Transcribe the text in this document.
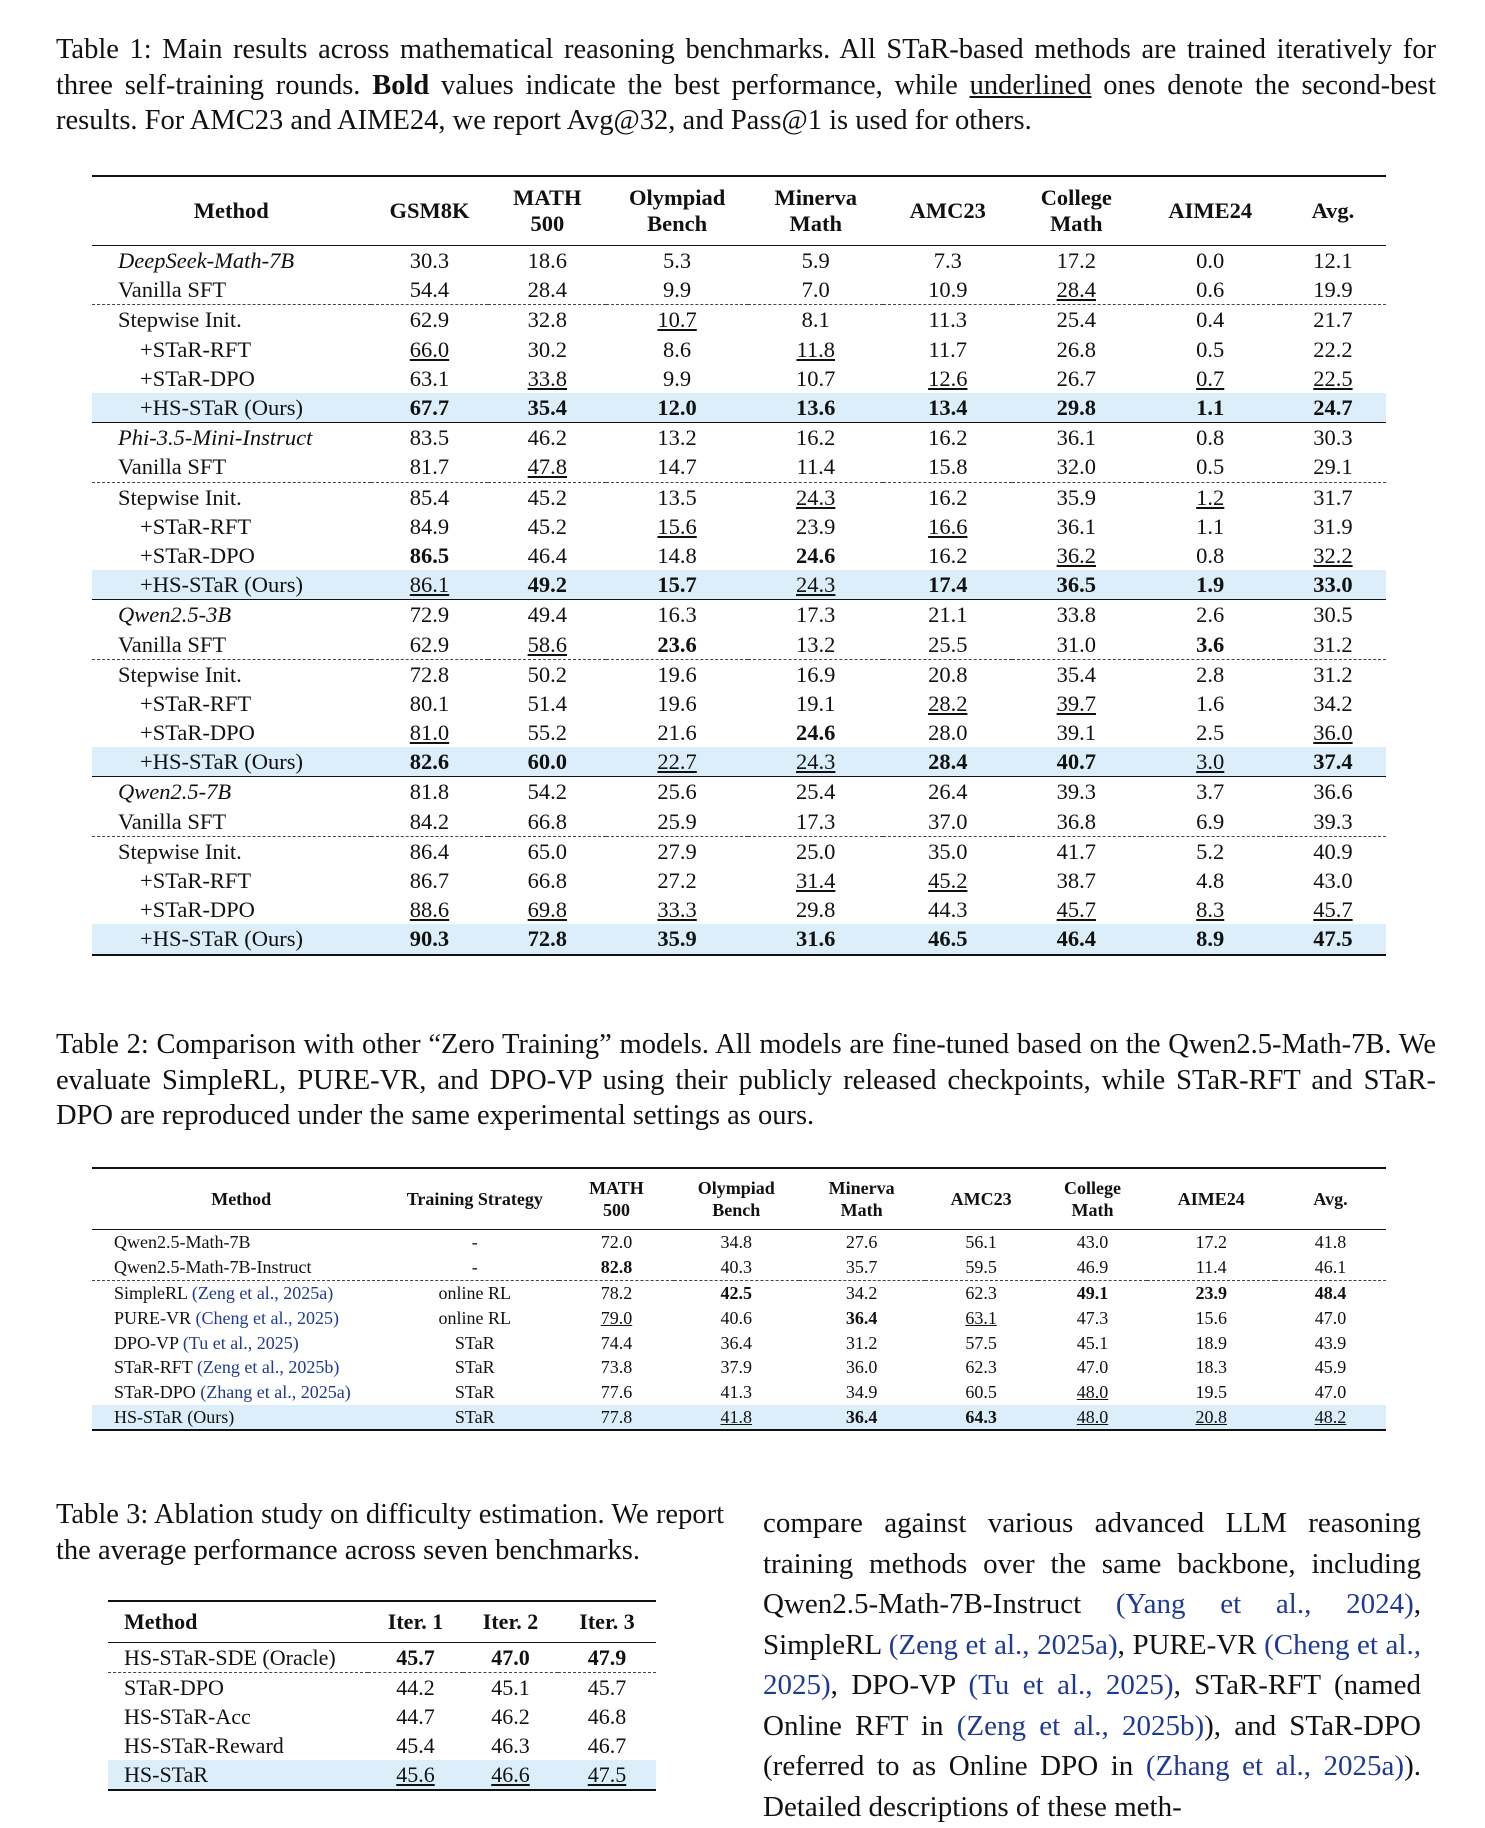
Table 1: Main results across mathematical reasoning benchmarks. All STaR-based methods are trained iteratively for three self-training rounds. Bold values indicate the best performance, while underlined ones denote the second-best results. For AMC23 and AIME24, we report Avg@32, and Pass@1 is used for others.
Method	GSM8K	MATH 500	Olympiad Bench	Minerva Math	AMC23	College Math	AIME24	Avg.
DeepSeek-Math-7B	30.3	18.6	5.3	5.9	7.3	17.2	0.0	12.1
Vanilla SFT	54.4	28.4	9.9	7.0	10.9	28.4	0.6	19.9
Stepwise Init.	62.9	32.8	10.7	8.1	11.3	25.4	0.4	21.7
+STaR-RFT	66.0	30.2	8.6	11.8	11.7	26.8	0.5	22.2
+STaR-DPO	63.1	33.8	9.9	10.7	12.6	26.7	0.7	22.5
+HS-STaR (Ours)	67.7	35.4	12.0	13.6	13.4	29.8	1.1	24.7
Phi-3.5-Mini-Instruct	83.5	46.2	13.2	16.2	16.2	36.1	0.8	30.3
Vanilla SFT	81.7	47.8	14.7	11.4	15.8	32.0	0.5	29.1
Stepwise Init.	85.4	45.2	13.5	24.3	16.2	35.9	1.2	31.7
+STaR-RFT	84.9	45.2	15.6	23.9	16.6	36.1	1.1	31.9
+STaR-DPO	86.5	46.4	14.8	24.6	16.2	36.2	0.8	32.2
+HS-STaR (Ours)	86.1	49.2	15.7	24.3	17.4	36.5	1.9	33.0
Qwen2.5-3B	72.9	49.4	16.3	17.3	21.1	33.8	2.6	30.5
Vanilla SFT	62.9	58.6	23.6	13.2	25.5	31.0	3.6	31.2
Stepwise Init.	72.8	50.2	19.6	16.9	20.8	35.4	2.8	31.2
+STaR-RFT	80.1	51.4	19.6	19.1	28.2	39.7	1.6	34.2
+STaR-DPO	81.0	55.2	21.6	24.6	28.0	39.1	2.5	36.0
+HS-STaR (Ours)	82.6	60.0	22.7	24.3	28.4	40.7	3.0	37.4
Qwen2.5-7B	81.8	54.2	25.6	25.4	26.4	39.3	3.7	36.6
Vanilla SFT	84.2	66.8	25.9	17.3	37.0	36.8	6.9	39.3
Stepwise Init.	86.4	65.0	27.9	25.0	35.0	41.7	5.2	40.9
+STaR-RFT	86.7	66.8	27.2	31.4	45.2	38.7	4.8	43.0
+STaR-DPO	88.6	69.8	33.3	29.8	44.3	45.7	8.3	45.7
+HS-STaR (Ours)	90.3	72.8	35.9	31.6	46.5	46.4	8.9	47.5
Table 2: Comparison with other “Zero Training” models. All models are fine-tuned based on the Qwen2.5-Math-7B. We evaluate SimpleRL, PURE-VR, and DPO-VP using their publicly released checkpoints, while STaR-RFT and STaR-DPO are reproduced under the same experimental settings as ours.
Method	Training Strategy	MATH 500	Olympiad Bench	Minerva Math	AMC23	College Math	AIME24	Avg.
Qwen2.5-Math-7B	-	72.0	34.8	27.6	56.1	43.0	17.2	41.8
Qwen2.5-Math-7B-Instruct	-	82.8	40.3	35.7	59.5	46.9	11.4	46.1
SimpleRL (Zeng et al., 2025a)	online RL	78.2	42.5	34.2	62.3	49.1	23.9	48.4
PURE-VR (Cheng et al., 2025)	online RL	79.0	40.6	36.4	63.1	47.3	15.6	47.0
DPO-VP (Tu et al., 2025)	STaR	74.4	36.4	31.2	57.5	45.1	18.9	43.9
STaR-RFT (Zeng et al., 2025b)	STaR	73.8	37.9	36.0	62.3	47.0	18.3	45.9
STaR-DPO (Zhang et al., 2025a)	STaR	77.6	41.3	34.9	60.5	48.0	19.5	47.0
HS-STaR (Ours)	STaR	77.8	41.8	36.4	64.3	48.0	20.8	48.2
Table 3: Ablation study on difficulty estimation. We report the average performance across seven benchmarks.
Method	Iter. 1	Iter. 2	Iter. 3
HS-STaR-SDE (Oracle)	45.7	47.0	47.9
STaR-DPO	44.2	45.1	45.7
HS-STaR-Acc	44.7	46.2	46.8
HS-STaR-Reward	45.4	46.3	46.7
HS-STaR	45.6	46.6	47.5
compare against various advanced LLM reasoning training methods over the same backbone, including Qwen2.5-Math-7B-Instruct (Yang et al., 2024), SimpleRL (Zeng et al., 2025a), PURE-VR (Cheng et al., 2025), DPO-VP (Tu et al., 2025), STaR-RFT (named Online RFT in (Zeng et al., 2025b)), and STaR-DPO (referred to as Online DPO in (Zhang et al., 2025a)). Detailed descriptions of these meth-
